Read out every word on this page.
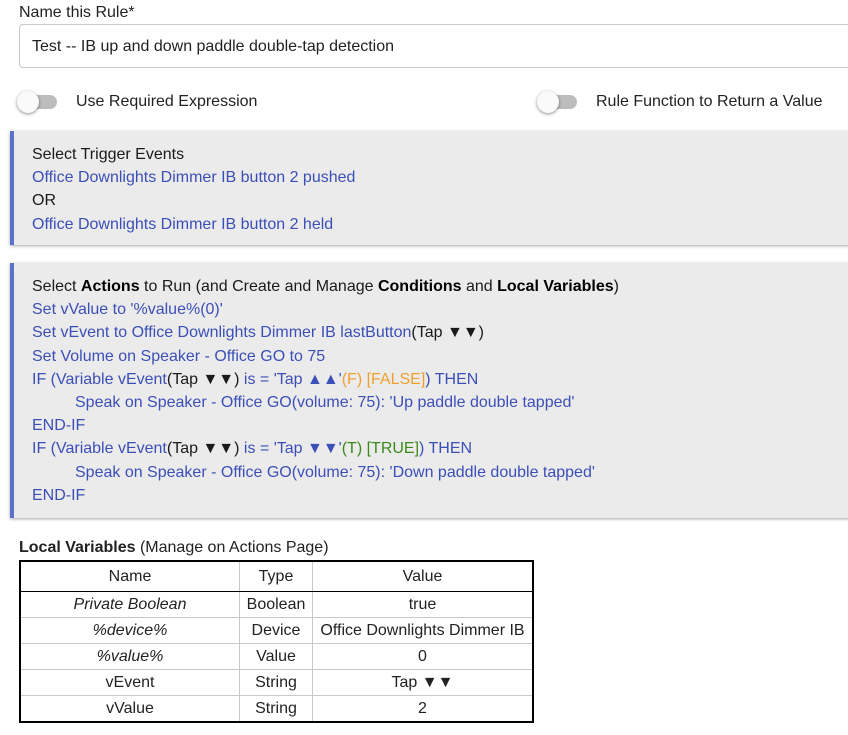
Name this Rule*
Test -- IB up and down paddle double-tap detection
Use Required Expression	Rule Function to Return a Value
Select Trigger Events
Office Downlights Dimmer IB button 2 pushed
OR
Office Downlights Dimmer IB button 2 held
Select Actions to Run (and Create and Manage Conditions and Local Variables)
Set vValue to '%value%(0)'
Set vEvent to Office Downlights Dimmer IB lastButton(Tap ▼▼)
Set Volume on Speaker - Office GO to 75
IF (Variable vEvent(Tap ▼▼) is = 'Tap ▲▲'(F) [FALSE]) THEN
Speak on Speaker - Office GO(volume: 75): 'Up paddle double tapped'
END-IF
IF (Variable vEvent(Tap ▼▼) is = 'Tap ▼▼'(T) [TRUE]) THEN
Speak on Speaker - Office GO(volume: 75): 'Down paddle double tapped'
END-IF
Local Variables (Manage on Actions Page)
Name	Type	Value
Private Boolean	Boolean	true
%device%	Device	Office Downlights Dimmer IB
%value%	Value	0
vEvent	String	Tap ▼▼
vValue	String	2
